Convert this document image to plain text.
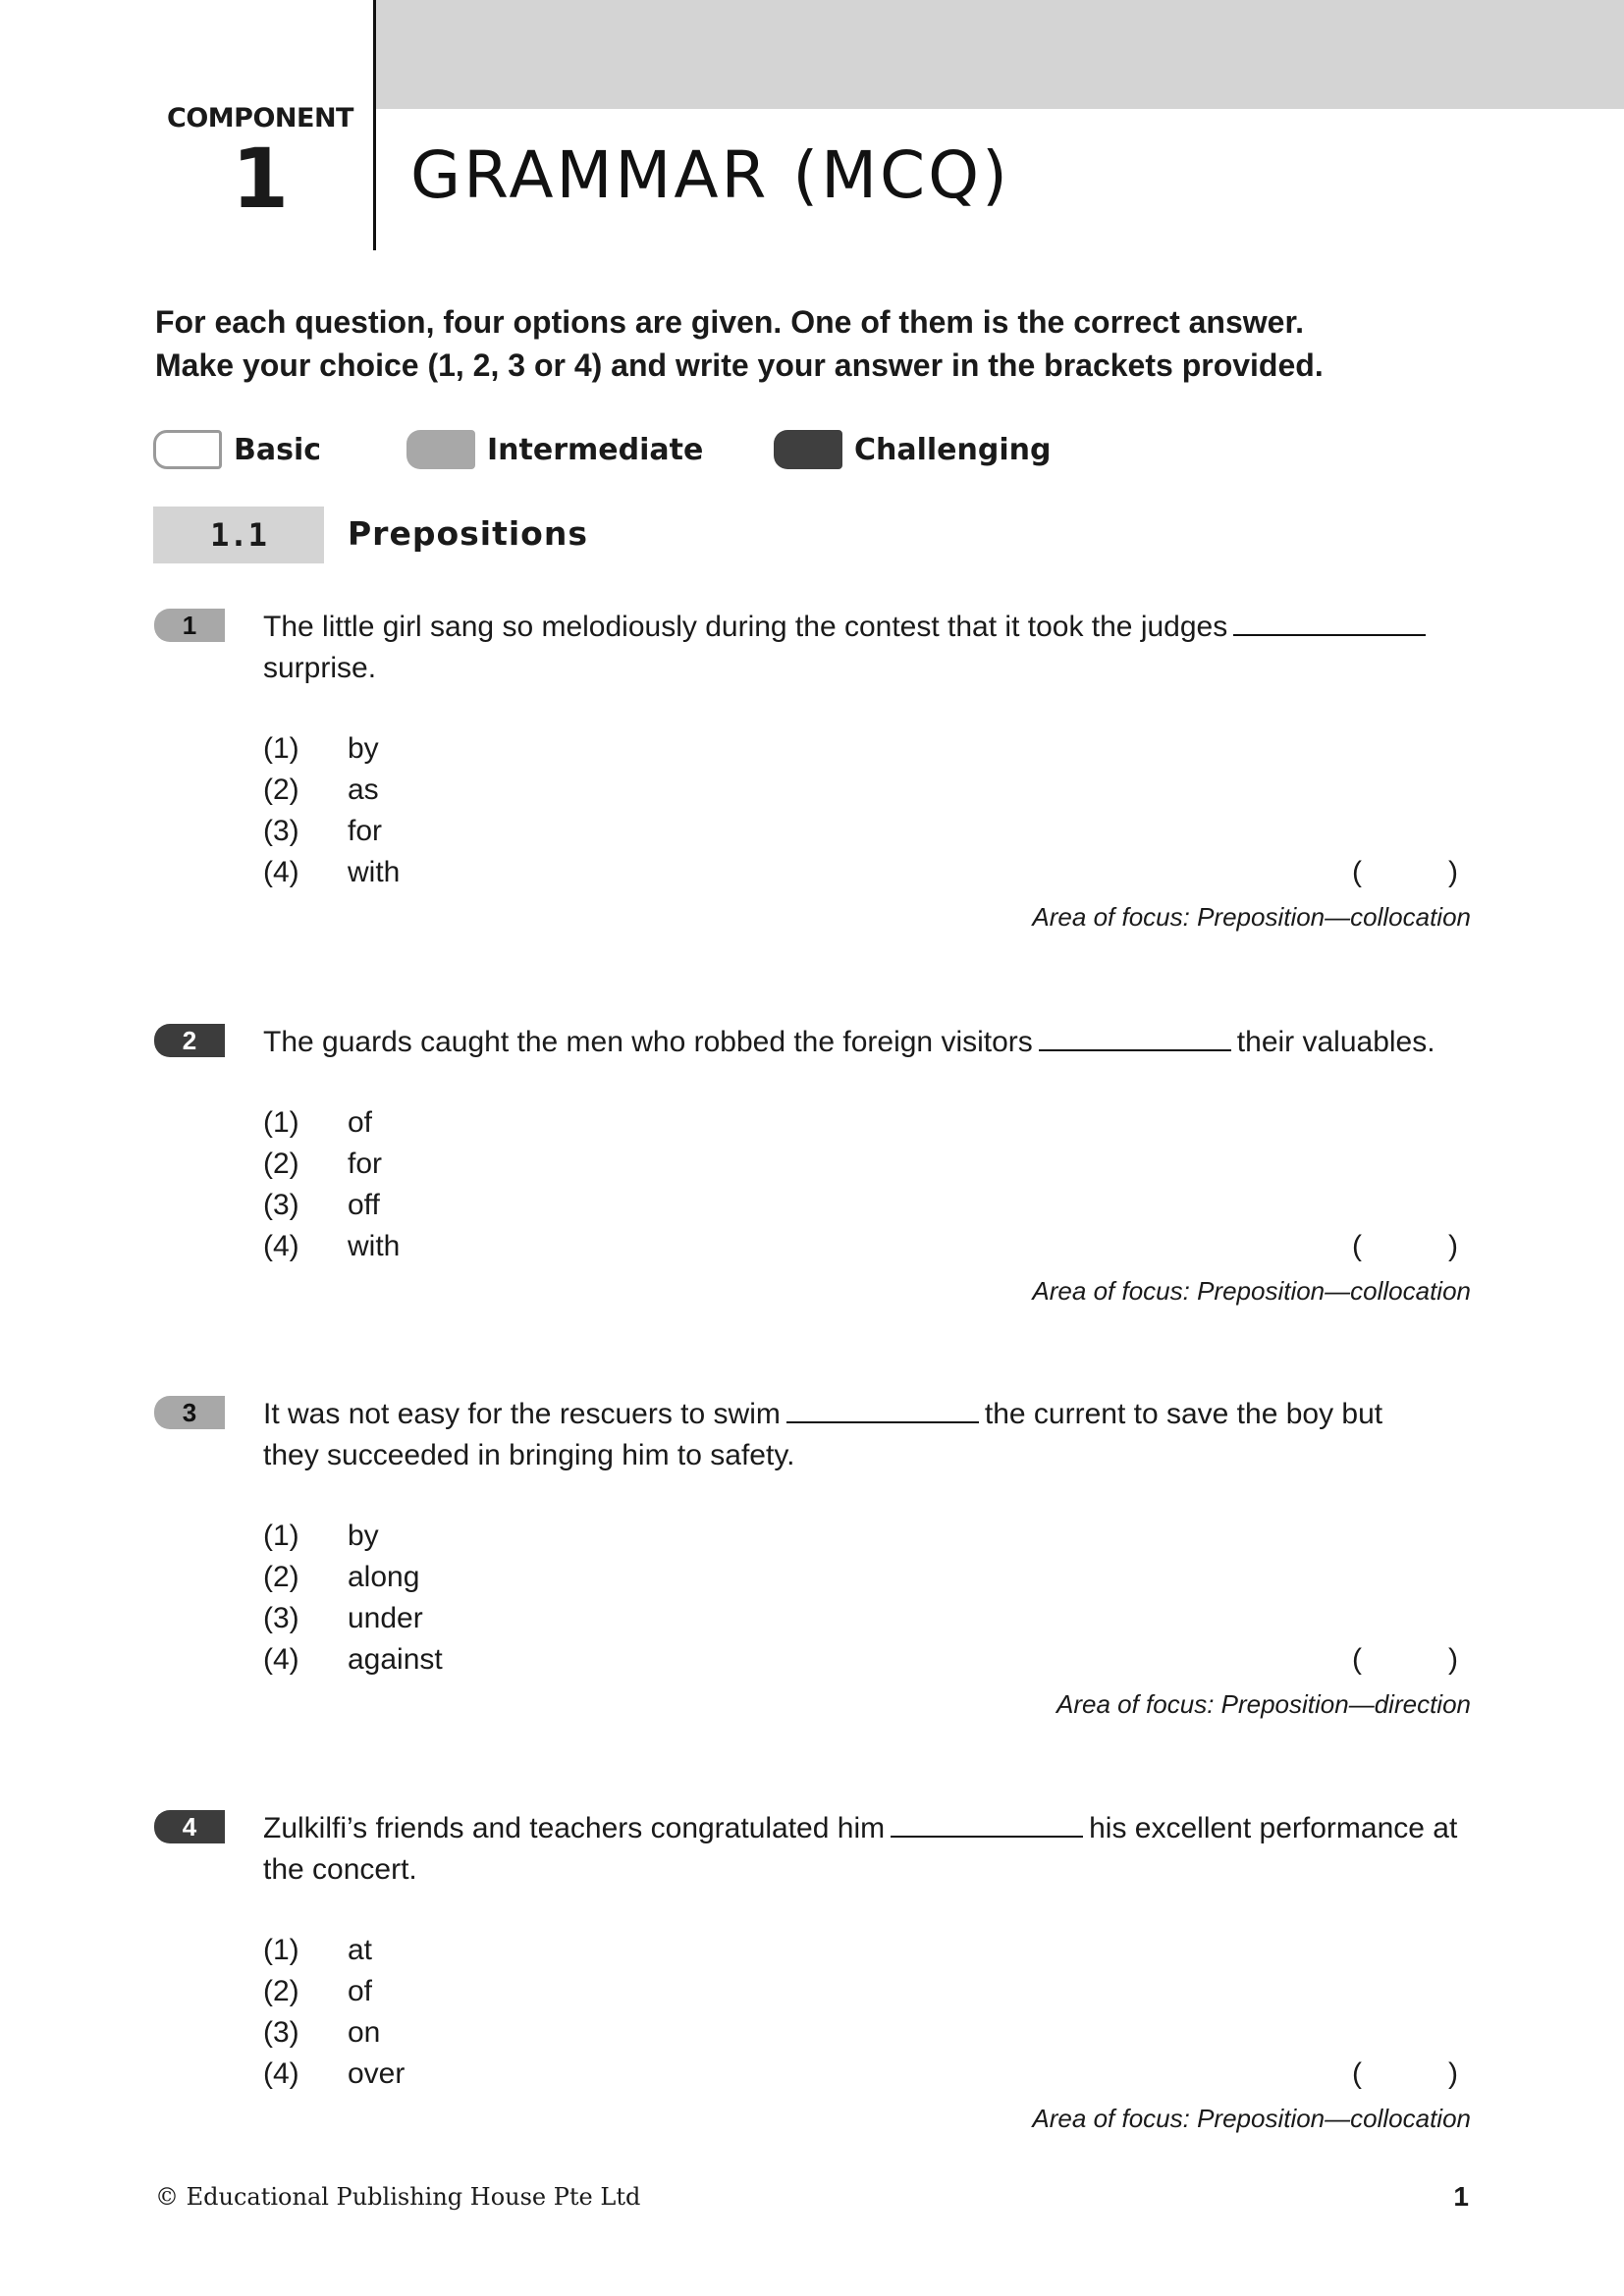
COMPONENT
1	GRAMMAR (MCQ)

For each question, four options are given. One of them is the correct answer.

Make your choice (1, 2, 3 or 4) and write your answer in the brackets provided.

Basic	Intermediate	Challenging
1.1	Prepositions
1	The little girl sang so melodiously during the contest that it took the judges
surprise.
(1) by
(2) as
(3) for
(4) with	(	)
Area of focus: Preposition—collocation
2	The guards caught the men who robbed the foreign visitors	their valuables.
(1) of
(2) for
(3) off
(4) with	(	)
Area of focus: Preposition—collocation
3	It was not easy for the rescuers to swim	the current to save the boy but they succeeded in bringing him to safety.
(1) by
(2) along
(3) under
(4) against	(	)
Area of focus: Preposition—direction
4	Zulkilfi’s friends and teachers congratulated him	his excellent performance at the concert.
(1) at
(2) of
(3) on
(4) over	(	)
Area of focus: Preposition—collocation
© Educational Publishing House Pte Ltd	1
